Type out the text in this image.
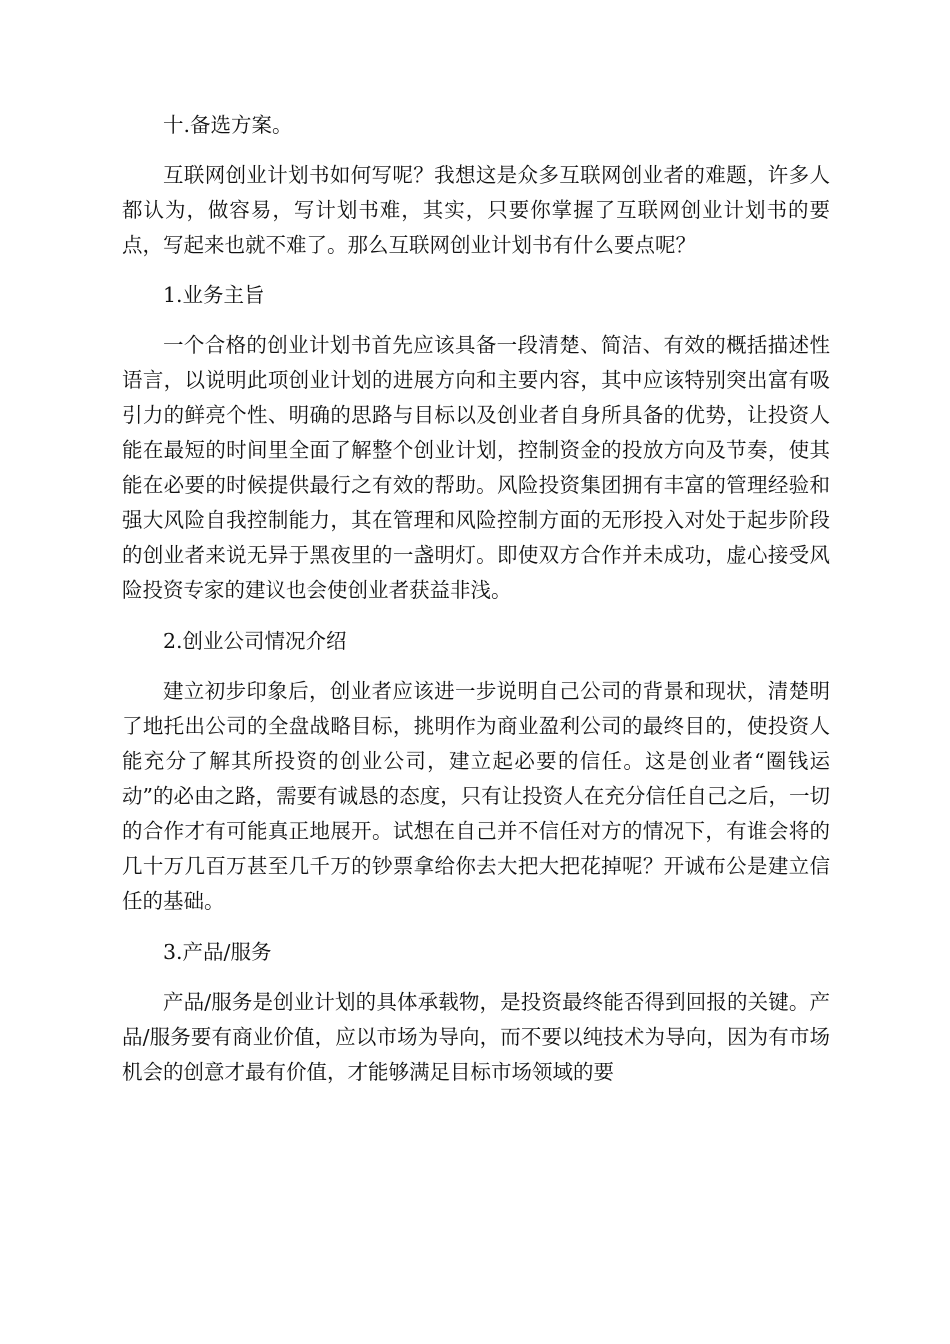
十.备选方案。

互联网创业计划书如何写呢？我想这是众多互联网创业者的难题，许多人都认为，做容易，写计划书难，其实，只要你掌握了互联网创业计划书的要点，写起来也就不难了。那么互联网创业计划书有什么要点呢？

1.业务主旨

一个合格的创业计划书首先应该具备一段清楚、简洁、有效的概括描述性语言，以说明此项创业计划的进展方向和主要内容，其中应该特别突出富有吸引力的鲜亮个性、明确的思路与目标以及创业者自身所具备的优势，让投资人能在最短的时间里全面了解整个创业计划，控制资金的投放方向及节奏，使其能在必要的时候提供最行之有效的帮助。风险投资集团拥有丰富的管理经验和强大风险自我控制能力，其在管理和风险控制方面的无形投入对处于起步阶段的创业者来说无异于黑夜里的一盏明灯。即使双方合作并未成功，虚心接受风险投资专家的建议也会使创业者获益非浅。

2.创业公司情况介绍

建立初步印象后，创业者应该进一步说明自己公司的背景和现状，清楚明了地托出公司的全盘战略目标，挑明作为商业盈利公司的最终目的，使投资人能充分了解其所投资的创业公司，建立起必要的信任。这是创业者“圈钱运动”的必由之路，需要有诚恳的态度，只有让投资人在充分信任自己之后，一切的合作才有可能真正地展开。试想在自己并不信任对方的情况下，有谁会将的几十万几百万甚至几千万的钞票拿给你去大把大把花掉呢？开诚布公是建立信任的基础。

3.产品/服务

产品/服务是创业计划的具体承载物，是投资最终能否得到回报的关键。产品/服务要有商业价值，应以市场为导向，而不要以纯技术为导向，因为有市场机会的创意才最有价值，才能够满足目标市场领域的要
